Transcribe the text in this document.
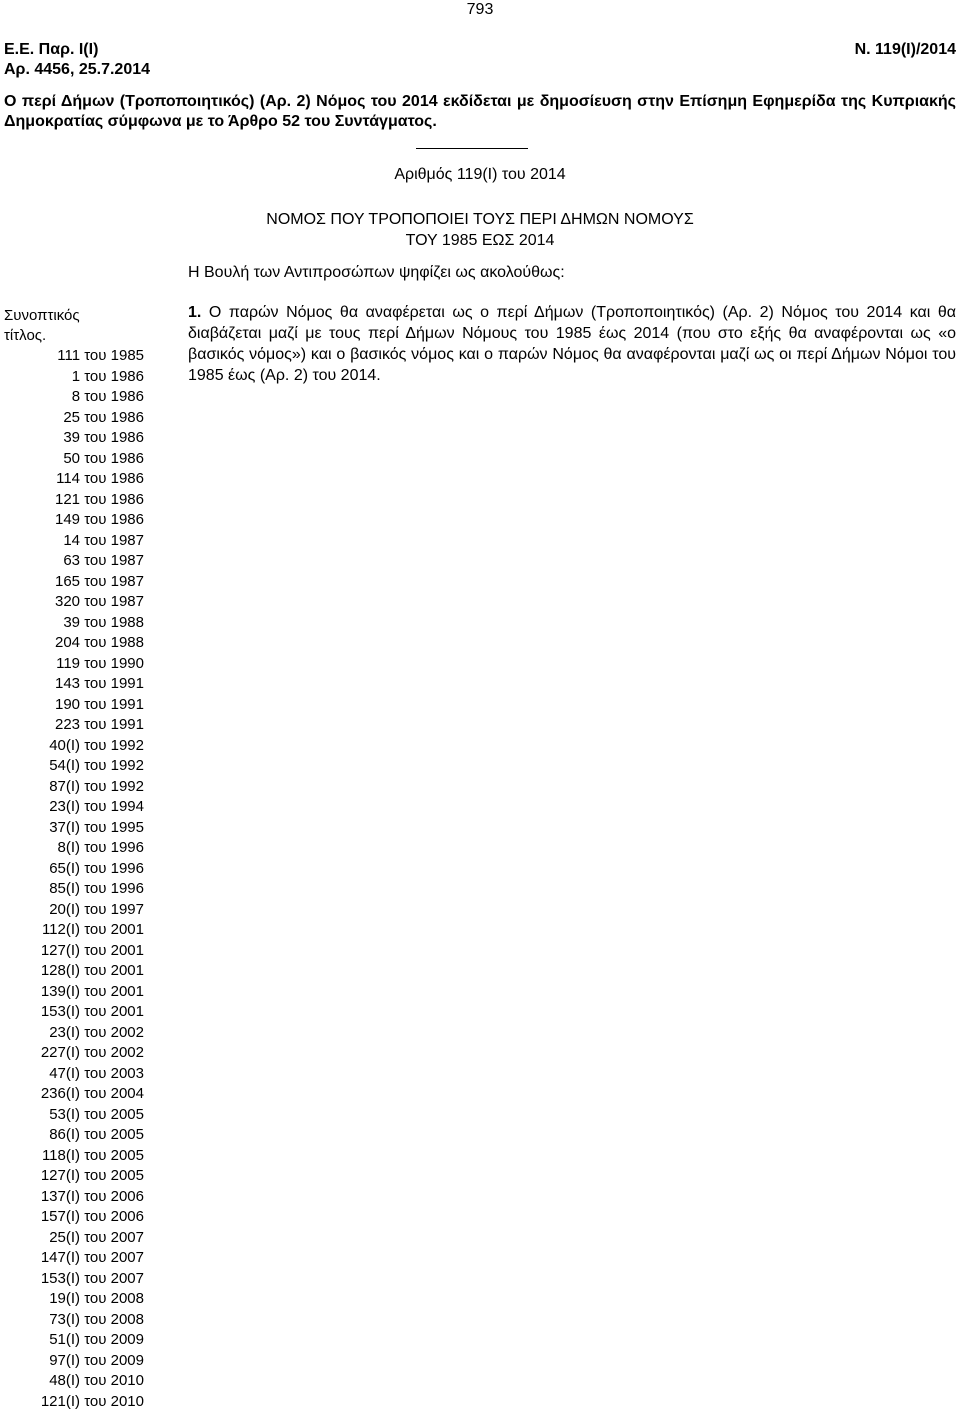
793
Ε.Ε. Παρ. Ι(Ι)
Αρ. 4456, 25.7.2014
Ν. 119(Ι)/2014
Ο περί Δήμων (Τροποποιητικός) (Αρ. 2) Νόμος του 2014 εκδίδεται με δημοσίευση στην Επίσημη Εφημερίδα της Κυπριακής Δημοκρατίας σύμφωνα με το Άρθρο 52 του Συντάγματος.
Αριθμός 119(Ι) του 2014
ΝΟΜΟΣ ΠΟΥ ΤΡΟΠΟΠΟΙΕΙ ΤΟΥΣ ΠΕΡΙ ΔΗΜΩΝ ΝΟΜΟΥΣ
ΤΟΥ 1985 ΕΩΣ 2014
Η Βουλή των Αντιπροσώπων ψηφίζει ως ακολούθως:
Συνοπτικός
τίτλος.
111 του 1985
1 του 1986
8 του 1986
25 του 1986
39 του 1986
50 του 1986
114 του 1986
121 του 1986
149 του 1986
14 του 1987
63 του 1987
165 του 1987
320 του 1987
39 του 1988
204 του 1988
119 του 1990
143 του 1991
190 του 1991
223 του 1991
40(Ι) του 1992
54(Ι) του 1992
87(Ι) του 1992
23(Ι) του 1994
37(Ι) του 1995
8(Ι) του 1996
65(Ι) του 1996
85(Ι) του 1996
20(Ι) του 1997
112(Ι) του 2001
127(Ι) του 2001
128(Ι) του 2001
139(Ι) του 2001
153(Ι) του 2001
23(Ι) του 2002
227(Ι) του 2002
47(Ι) του 2003
236(Ι) του 2004
53(Ι) του 2005
86(Ι) του 2005
118(Ι) του 2005
127(Ι) του 2005
137(Ι) του 2006
157(Ι) του 2006
25(Ι) του 2007
147(Ι) του 2007
153(Ι) του 2007
19(Ι) του 2008
73(Ι) του 2008
51(Ι) του 2009
97(Ι) του 2009
48(Ι) του 2010
121(Ι) του 2010
1. Ο παρών Νόμος θα αναφέρεται ως ο περί Δήμων (Τροποποιητικός) (Αρ. 2) Νόμος του 2014 και θα διαβάζεται μαζί με τους περί Δήμων Νόμους του 1985 έως 2014 (που στο εξής θα αναφέρονται ως «ο βασικός νόμος») και ο βασικός νόμος και ο παρών Νόμος θα αναφέρονται μαζί ως οι περί Δήμων Νόμοι του 1985 έως (Αρ. 2) του 2014.
